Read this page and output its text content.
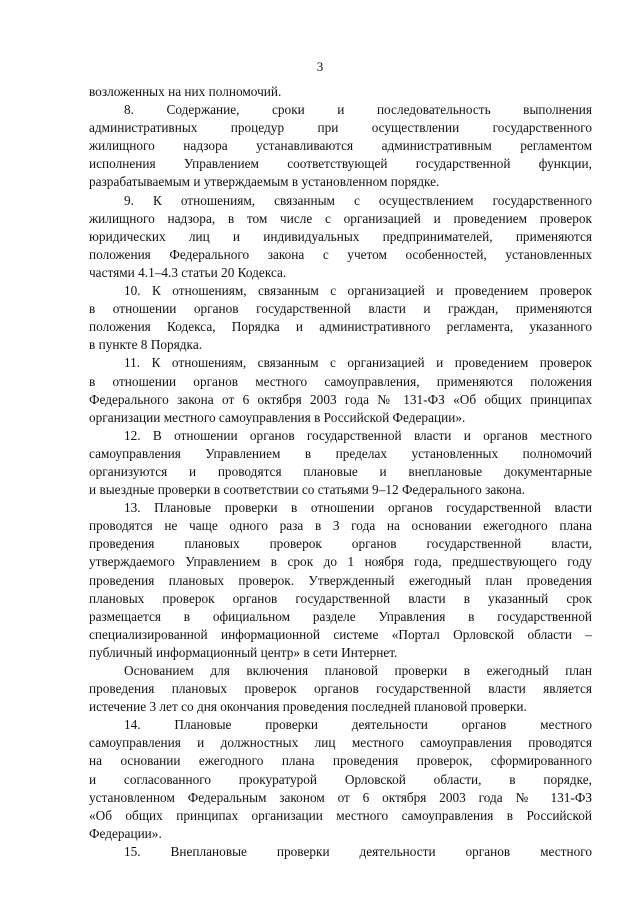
3
возложенных на них полномочий.
8. Содержание, сроки и последовательность выполнения
административных процедур при осуществлении государственного
жилищного надзора устанавливаются административным регламентом
исполнения Управлением соответствующей государственной функции,
разрабатываемым и утверждаемым в установленном порядке.
9. К отношениям, связанным с осуществлением государственного
жилищного надзора, в том числе с организацией и проведением проверок
юридических лиц и индивидуальных предпринимателей, применяются
положения Федерального закона с учетом особенностей, установленных
частями 4.1–4.3 статьи 20 Кодекса.
10. К отношениям, связанным с организацией и проведением проверок
в отношении органов государственной власти и граждан, применяются
положения Кодекса, Порядка и административного регламента, указанного
в пункте 8 Порядка.
11. К отношениям, связанным с организацией и проведением проверок
в отношении органов местного самоуправления, применяются положения
Федерального закона от 6 октября 2003 года № 131-ФЗ «Об общих принципах
организации местного самоуправления в Российской Федерации».
12. В отношении органов государственной власти и органов местного
самоуправления Управлением в пределах установленных полномочий
организуются и проводятся плановые и внеплановые документарные
и выездные проверки в соответствии со статьями 9–12 Федерального закона.
13. Плановые проверки в отношении органов государственной власти
проводятся не чаще одного раза в 3 года на основании ежегодного плана
проведения плановых проверок органов государственной власти,
утверждаемого Управлением в срок до 1 ноября года, предшествующего году
проведения плановых проверок. Утвержденный ежегодный план проведения
плановых проверок органов государственной власти в указанный срок
размещается в официальном разделе Управления в государственной
специализированной информационной системе «Портал Орловской области –
публичный информационный центр» в сети Интернет.
Основанием для включения плановой проверки в ежегодный план
проведения плановых проверок органов государственной власти является
истечение 3 лет со дня окончания проведения последней плановой проверки.
14. Плановые проверки деятельности органов местного
самоуправления и должностных лиц местного самоуправления проводятся
на основании ежегодного плана проведения проверок, сформированного
и согласованного прокуратурой Орловской области, в порядке,
установленном Федеральным законом от 6 октября 2003 года № 131-ФЗ
«Об общих принципах организации местного самоуправления в Российской
Федерации».
15. Внеплановые проверки деятельности органов местного
